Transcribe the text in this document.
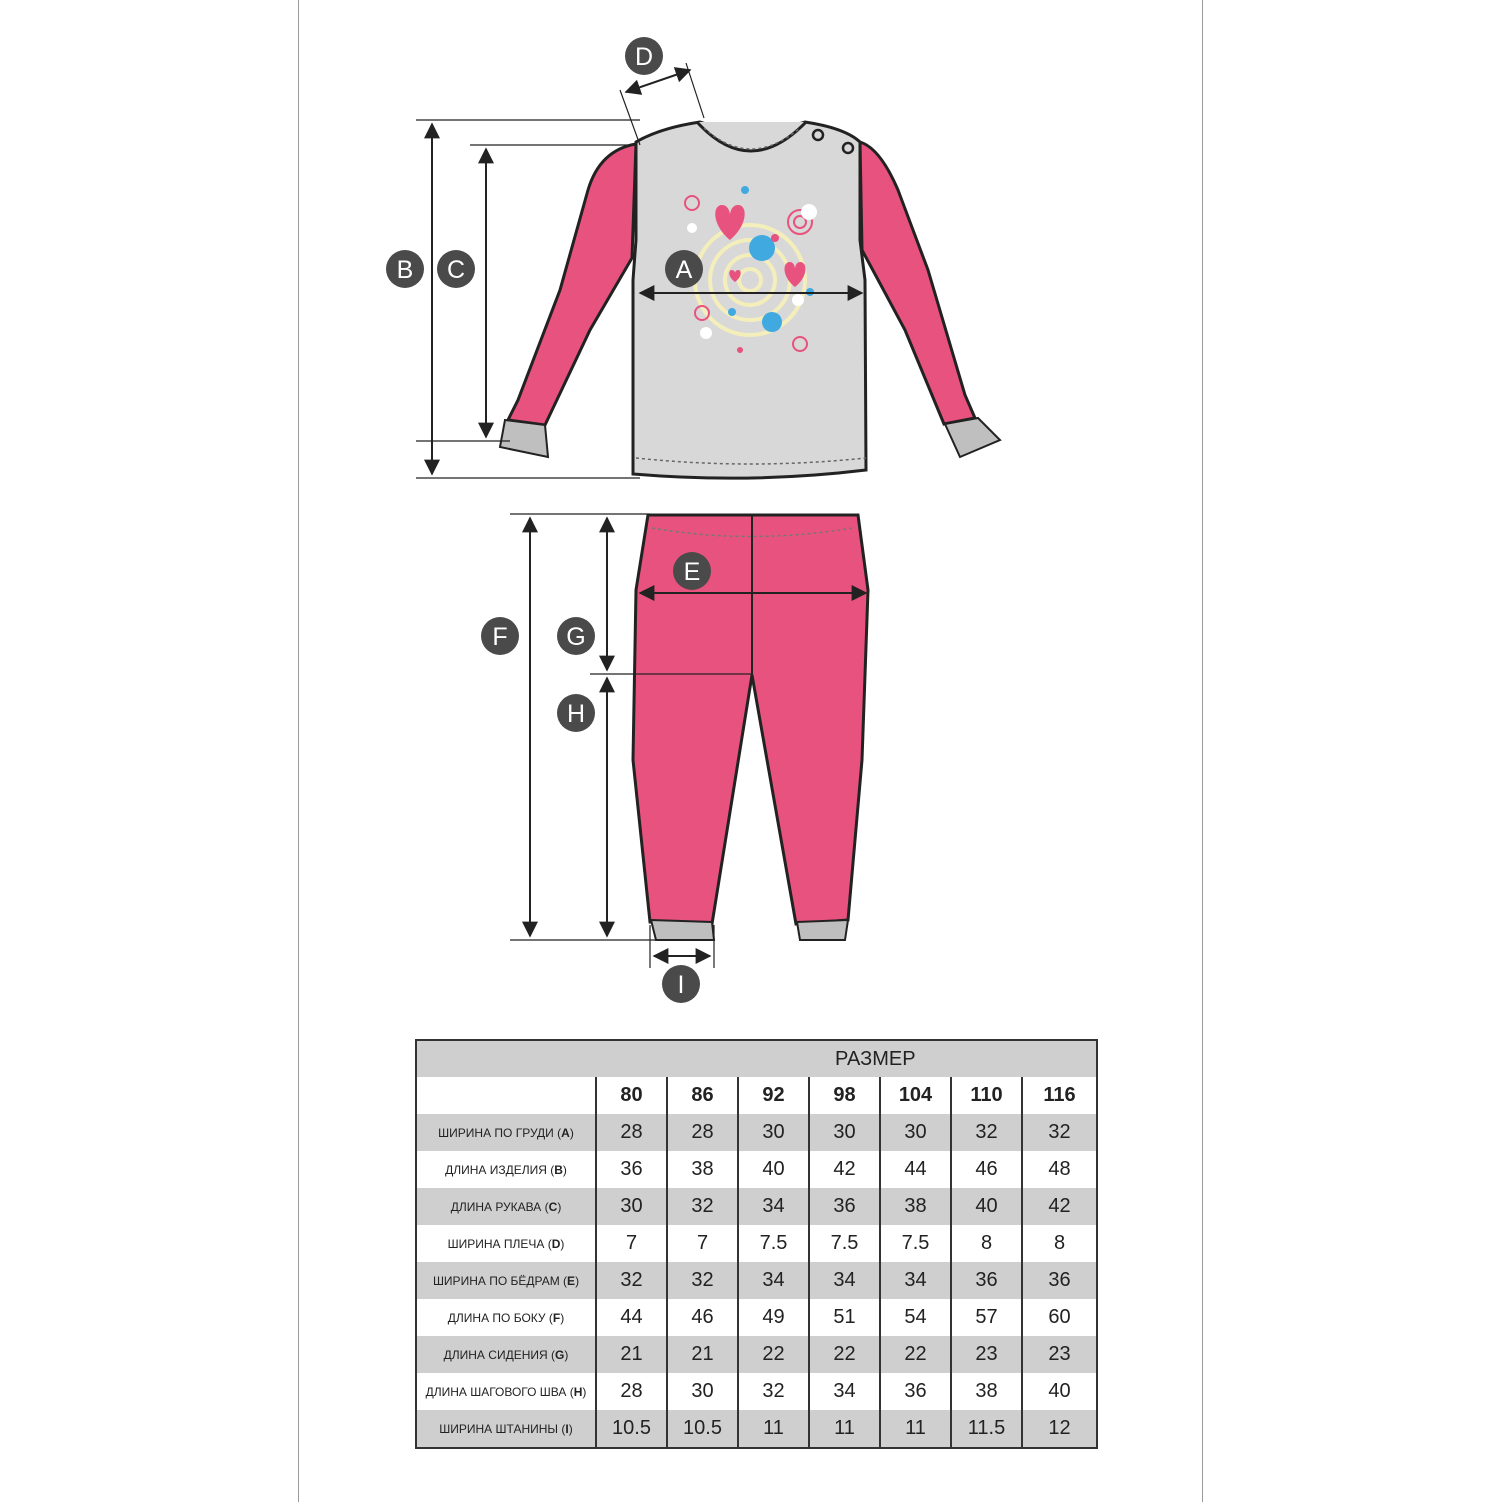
A
B C
D
E
F G
H
I
РАЗМЕР							
	80	86	92	98	104	110	116
ШИРИНА ПО ГРУДИ (A)	28	28	30	30	30	32	32
ДЛИНА ИЗДЕЛИЯ (B)	36	38	40	42	44	46	48
ДЛИНА РУКАВА (C)	30	32	34	36	38	40	42
ШИРИНА ПЛЕЧА (D)	7	7	7.5	7.5	7.5	8	8
ШИРИНА ПО БЁДРАМ (E)	32	32	34	34	34	36	36
ДЛИНА ПО БОКУ (F)	44	46	49	51	54	57	60
ДЛИНА СИДЕНИЯ (G)	21	21	22	22	22	23	23
ДЛИНА ШАГОВОГО ШВА (H)	28	30	32	34	36	38	40
ШИРИНА ШТАНИНЫ (I)	10.5	10.5	11	11	11	11.5	12
